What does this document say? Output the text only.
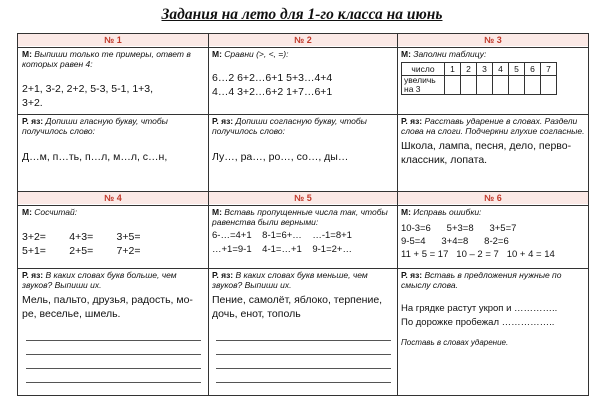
Задания на лето для 1-го класса на июнь
№ 1	№ 2	№ 3
№ 4	№ 5	№ 6
М: Выпиши только те примеры, ответ в которых равен 4:
2+1, 3-2, 2+2, 5-3, 5-1, 1+3,
3+2.
М: Сравни (>, <, =):
6…2 6+2…6+1 5+3…4+4
4…4 3+2…6+2 1+7…6+1
М: Заполни таблицу:
число	1	2	3	4	5	6	7
увеличь на 3							
Р. яз: Допиши гласную букву, чтобы получилось слово:
Д…м, п…ть, п…л, м…л, с…н,
Р. яз: Допиши согласную букву, чтобы получилось слово:
Лу…, ра…, ро…, со…, ды…
Р. яз: Расставь ударение в словах. Раздели слова на слоги. Подчеркни глухие согласные.
Школа, лампа, песня, дело, перво-
классник, лопата.
М: Сосчитай:
3+2=        4+3=        3+5=
5+1=        2+5=        7+2=
М: Вставь пропущенные числа так, чтобы равенства были верными:
6-…=4+1    8-1=6+…    …-1=8+1
…+1=9-1    4-1=…+1    9-1=2+…
М: Исправь ошибки:
10-3=6      5+3=8      3+5=7
9-5=4      3+4=8      8-2=6
11 + 5 = 17   10 – 2 = 7   10 + 4 = 14
Р. яз: В каких словах букв больше, чем звуков? Выпиши их.
Мель, пальто, друзья, радость, мо-
ре, веселье, шмель.
Р. яз: В каких словах букв меньше, чем звуков? Выпиши их.
Пение, самолёт, яблоко, терпение,
дочь, енот, тополь
Р. яз: Вставь в предложения нужные по смыслу слова.
На грядке растут укроп и …………..
По дорожке пробежал ……………..
Поставь в словах ударение.
